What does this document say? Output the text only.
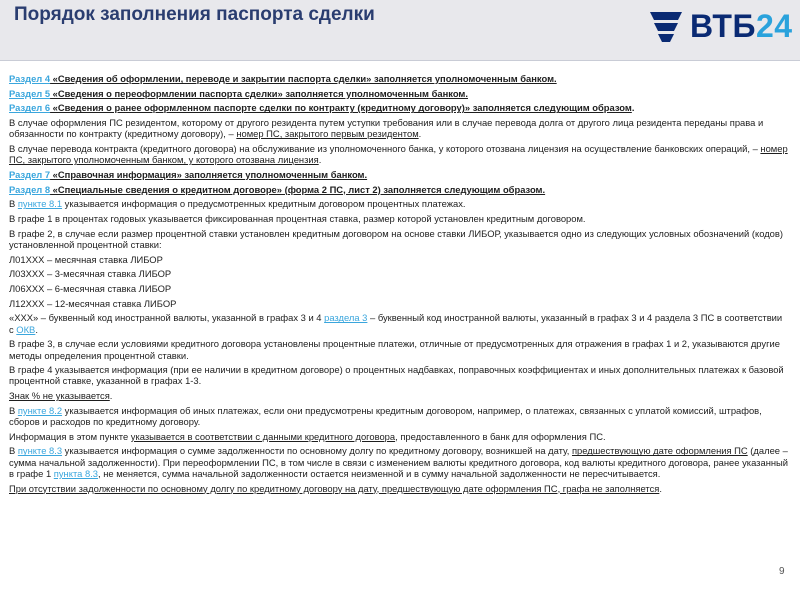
Порядок заполнения паспорта сделки	ВТБ24

Раздел 4 «Сведения об оформлении, переводе и закрытии паспорта сделки» заполняется уполномоченным банком.

Раздел 5 «Сведения о переоформлении паспорта сделки» заполняется уполномоченным банком.

Раздел 6 «Сведения о ранее оформленном паспорте сделки по контракту (кредитному договору)» заполняется следующим образом.

В случае оформления ПС резидентом, которому от другого резидента путем уступки требования или в случае перевода долга от другого лица резидента переданы права и обязанности по контракту (кредитному договору), – номер ПС, закрытого первым резидентом.

В случае перевода контракта (кредитного договора) на обслуживание из уполномоченного банка, у которого отозвана лицензия на осуществление банковских операций, – номер ПС, закрытого уполномоченным банком, у которого отозвана лицензия.

Раздел 7 «Справочная информация» заполняется уполномоченным банком.

Раздел 8 «Специальные сведения о кредитном договоре» (форма 2 ПС, лист 2) заполняется следующим образом.

В пункте 8.1 указывается информация о предусмотренных кредитным договором процентных платежах.

В графе 1 в процентах годовых указывается фиксированная процентная ставка, размер которой установлен кредитным договором.

В графе 2, в случае если размер процентной ставки установлен кредитным договором на основе ставки ЛИБОР, указывается одно из следующих условных обозначений (кодов) установленной процентной ставки:

Л01ХХХ – месячная ставка ЛИБОР

Л03ХХХ – 3-месячная ставка ЛИБОР

Л06ХХХ – 6-месячная ставка ЛИБОР

Л12ХХХ – 12-месячная ставка ЛИБОР

«ХХХ» – буквенный код иностранной валюты, указанной в графах 3 и 4 раздела 3 – буквенный код иностранной валюты, указанный в графах 3 и 4 раздела 3 ПС в соответствии с ОКВ.

В графе 3, в случае если условиями кредитного договора установлены процентные платежи, отличные от предусмотренных для отражения в графах 1 и 2, указываются другие методы определения процентной ставки.

В графе 4 указывается информация (при ее наличии в кредитном договоре) о процентных надбавках, поправочных коэффициентах и иных дополнительных платежах к базовой процентной ставке, указанной в графах 1-3.

Знак % не указывается.

В пункте 8.2 указывается информация об иных платежах, если они предусмотрены кредитным договором, например, о платежах, связанных с уплатой комиссий, штрафов, сборов и расходов по кредитному договору.

Информация в этом пункте указывается в соответствии с данными кредитного договора, предоставленного в банк для оформления ПС.

В пункте 8.3 указывается информация о сумме задолженности по основному долгу по кредитному договору, возникшей на дату, предшествующую дате оформления ПС (далее – сумма начальной задолженности). При переоформлении ПС, в том числе в связи с изменением валюты кредитного договора, код валюты кредитного договора, ранее указанный в графе 1 пункта 8.3, не меняется, сумма начальной задолженности остается неизменной и в сумму начальной задолженности не пересчитывается.

При отсутствии задолженности по основному долгу по кредитному договору на дату, предшествующую дате оформления ПС, графа не заполняется.

9
